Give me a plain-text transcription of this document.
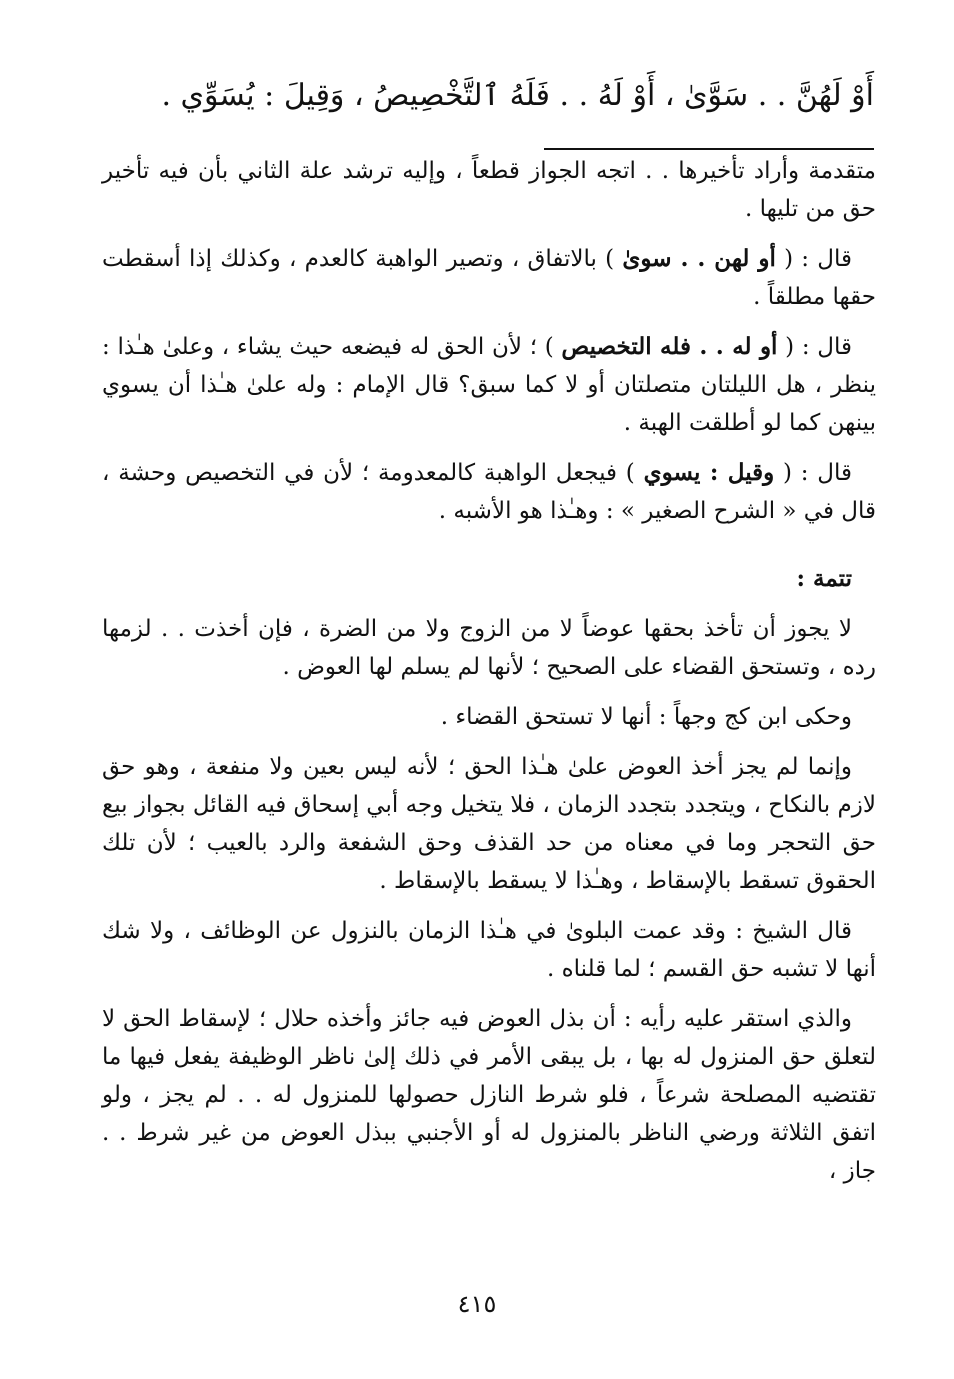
أَوْ لَهُنَّ . . سَوَّىٰ ، أَوْ لَهُ . . فَلَهُ ٱلتَّخْصِيصُ ، وَقِيلَ : يُسَوِّي .

متقدمة وأراد تأخيرها . . اتجه الجواز قطعاً ، وإليه ترشد علة الثاني بأن فيه تأخير حق من تليها .

قال : ( أو لهن . . سوىٰ ) بالاتفاق ، وتصير الواهبة كالعدم ، وكذلك إذا أسقطت حقها مطلقاً .

قال : ( أو له . . فله التخصيص ) ؛ لأن الحق له فيضعه حيث يشاء ، وعلىٰ هـٰذا : ينظر ، هل الليلتان متصلتان أو لا كما سبق؟ قال الإمام : وله علىٰ هـٰذا أن يسوي بينهن كما لو أطلقت الهبة .

قال : ( وقيل : يسوي ) فيجعل الواهبة كالمعدومة ؛ لأن في التخصيص وحشة ، قال في « الشرح الصغير » : وهـٰذا هو الأشبه .

تتمة :

لا يجوز أن تأخذ بحقها عوضاً لا من الزوج ولا من الضرة ، فإن أخذت . . لزمها رده ، وتستحق القضاء على الصحيح ؛ لأنها لم يسلم لها العوض .

وحكى ابن كج وجهاً : أنها لا تستحق القضاء .

وإنما لم يجز أخذ العوض علىٰ هـٰذا الحق ؛ لأنه ليس بعين ولا منفعة ، وهو حق لازم بالنكاح ، ويتجدد بتجدد الزمان ، فلا يتخيل وجه أبي إسحاق فيه القائل بجواز بيع حق التحجر وما في معناه من حد القذف وحق الشفعة والرد بالعيب ؛ لأن تلك الحقوق تسقط بالإسقاط ، وهـٰذا لا يسقط بالإسقاط .

قال الشيخ : وقد عمت البلوىٰ في هـٰذا الزمان بالنزول عن الوظائف ، ولا شك أنها لا تشبه حق القسم ؛ لما قلناه .

والذي استقر عليه رأيه : أن بذل العوض فيه جائز وأخذه حلال ؛ لإسقاط الحق لا لتعلق حق المنزول له بها ، بل يبقى الأمر في ذلك إلىٰ ناظر الوظيفة يفعل فيها ما تقتضيه المصلحة شرعاً ، فلو شرط النازل حصولها للمنزول له . . لم يجز ، ولو اتفق الثلاثة ورضي الناظر بالمنزول له أو الأجنبي ببذل العوض من غير شرط . . جاز ،

٤١٥
